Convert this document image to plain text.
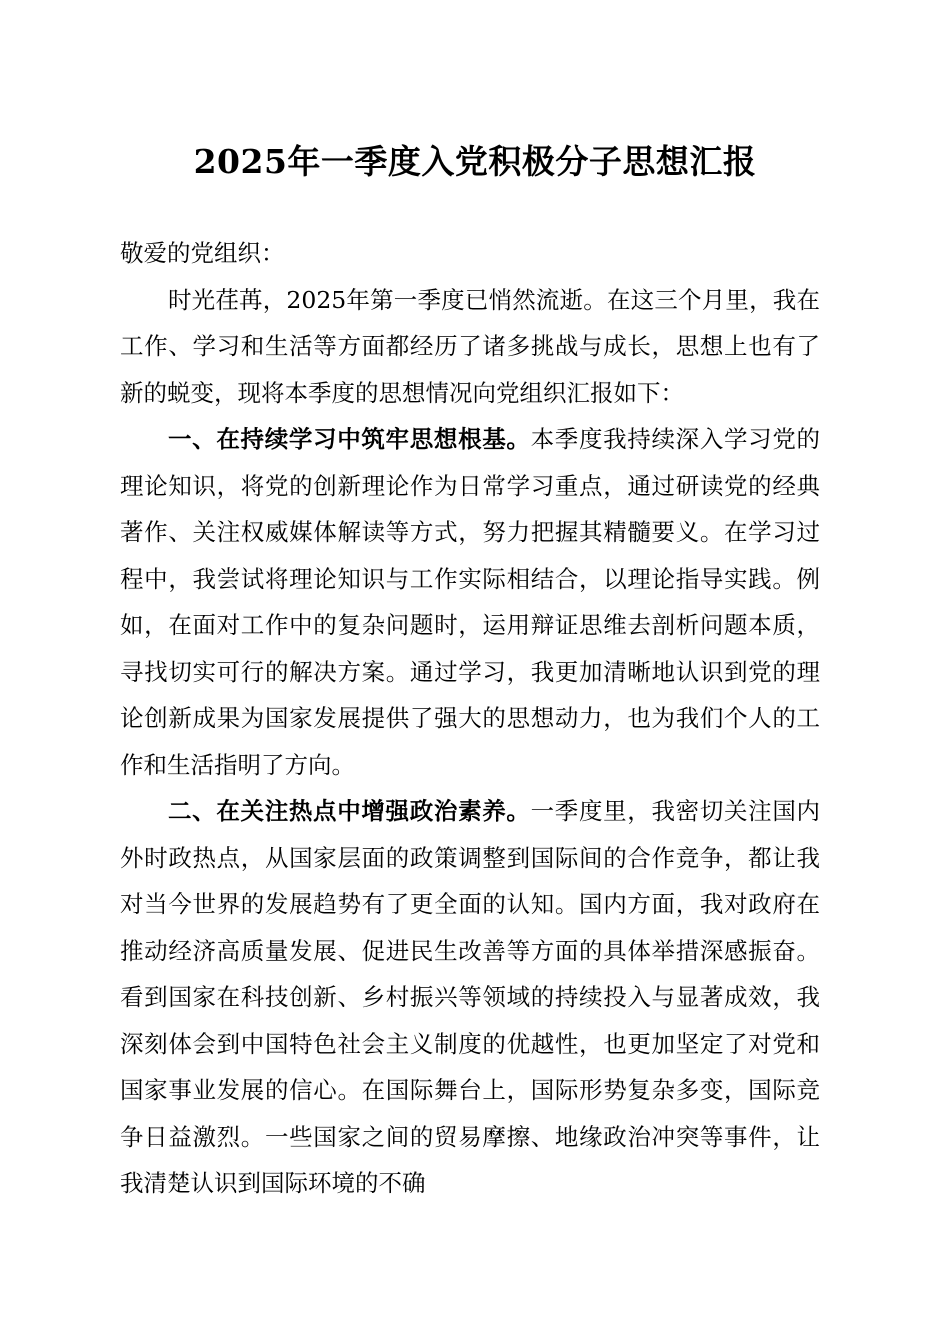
2025年一季度入党积极分子思想汇报

敬爱的党组织：

时光荏苒，2025年第一季度已悄然流逝。在这三个月里，我在工作、学习和生活等方面都经历了诸多挑战与成长，思想上也有了新的蜕变，现将本季度的思想情况向党组织汇报如下：

一、在持续学习中筑牢思想根基。本季度我持续深入学习党的理论知识，将党的创新理论作为日常学习重点，通过研读党的经典著作、关注权威媒体解读等方式，努力把握其精髓要义。在学习过程中，我尝试将理论知识与工作实际相结合，以理论指导实践。例如，在面对工作中的复杂问题时，运用辩证思维去剖析问题本质，寻找切实可行的解决方案。通过学习，我更加清晰地认识到党的理论创新成果为国家发展提供了强大的思想动力，也为我们个人的工作和生活指明了方向。

二、在关注热点中增强政治素养。一季度里，我密切关注国内外时政热点，从国家层面的政策调整到国际间的合作竞争，都让我对当今世界的发展趋势有了更全面的认知。国内方面，我对政府在推动经济高质量发展、促进民生改善等方面的具体举措深感振奋。看到国家在科技创新、乡村振兴等领域的持续投入与显著成效，我深刻体会到中国特色社会主义制度的优越性，也更加坚定了对党和国家事业发展的信心。在国际舞台上，国际形势复杂多变，国际竞争日益激烈。一些国家之间的贸易摩擦、地缘政治冲突等事件，让我清楚认识到国际环境的不确
